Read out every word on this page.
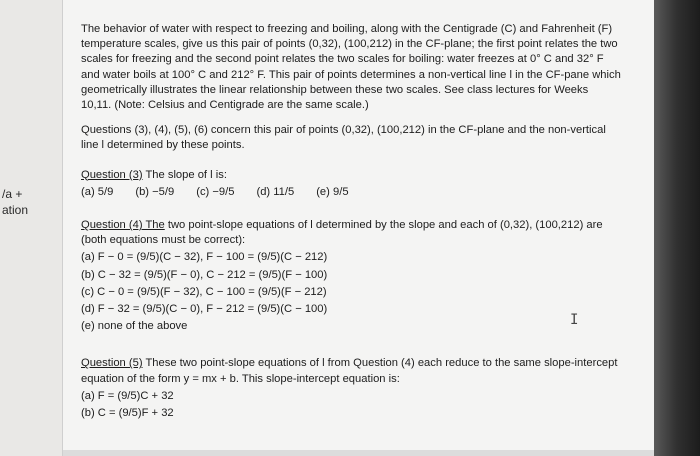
/a +
ation

The behavior of water with respect to freezing and boiling, along with the Centigrade (C) and Fahrenheit (F) temperature scales, give us this pair of points (0,32), (100,212) in the CF-plane; the first point relates the two scales for freezing and the second point relates the two scales for boiling: water freezes at 0° C and 32° F and water boils at 100° C and 212° F. This pair of points determines a non-vertical line l in the CF-pane which geometrically illustrates the linear relationship between these two scales. See class lectures for Weeks 10,11. (Note: Celsius and Centigrade are the same scale.)

Questions (3), (4), (5), (6) concern this pair of points (0,32), (100,212) in the CF-plane and the non-vertical line l determined by these points.

Question (3) The slope of l is:

(a) 5/9 (b) −5/9 (c) −9/5 (d) 11/5 (e) 9/5

Question (4) The two point-slope equations of l determined by the slope and each of (0,32), (100,212) are (both equations must be correct):

(a) F − 0 = (9/5)(C − 32), F − 100 = (9/5)(C − 212)

(b) C − 32 = (9/5)(F − 0), C − 212 = (9/5)(F − 100)

(c) C − 0 = (9/5)(F − 32), C − 100 = (9/5)(F − 212)

(d) F − 32 = (9/5)(C − 0), F − 212 = (9/5)(C − 100)

(e) none of the above

Question (5) These two point-slope equations of l from Question (4) each reduce to the same slope-intercept equation of the form y = mx + b. This slope-intercept equation is:

(a) F = (9/5)C + 32

(b) C = (9/5)F + 32

I
